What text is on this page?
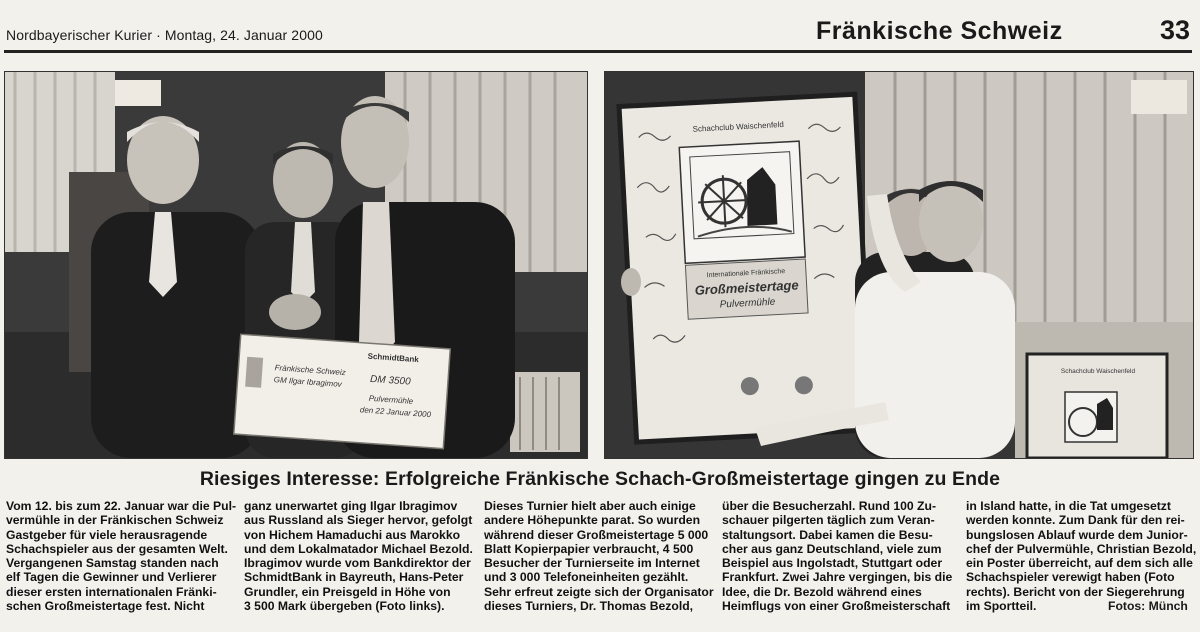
Nordbayerischer Kurier · Montag, 24. Januar 2000	Fränkische Schweiz	33
SchmidtBank
Fränkische Schweiz
GM Ilgar Ibragimov	DM 3500
Pulvermühle
den 22 Januar 2000
Schachclub Waischenfeld
Internationale Fränkische
Großmeistertage
Pulvermühle
Schachclub Waischenfeld
Riesiges Interesse: Erfolgreiche Fränkische Schach-Großmeistertage gingen zu Ende
Vom 12. bis zum 22. Januar war die Pul-
vermühle in der Fränkischen Schweiz
Gastgeber für viele herausragende
Schachspieler aus der gesamten Welt.
Vergangenen Samstag standen nach
elf Tagen die Gewinner und Verlierer
dieser ersten internationalen Fränki-
schen Großmeistertage fest. Nicht
ganz unerwartet ging Ilgar Ibragimov
aus Russland als Sieger hervor, gefolgt
von Hichem Hamaduchi aus Marokko
und dem Lokalmatador Michael Bezold.
Ibragimov wurde vom Bankdirektor der
SchmidtBank in Bayreuth, Hans-Peter
Grundler, ein Preisgeld in Höhe von
3 500 Mark übergeben (Foto links).
Dieses Turnier hielt aber auch einige
andere Höhepunkte parat. So wurden
während dieser Großmeistertage 5 000
Blatt Kopierpapier verbraucht, 4 500
Besucher der Turnierseite im Internet
und 3 000 Telefoneinheiten gezählt.
Sehr erfreut zeigte sich der Organisator
dieses Turniers, Dr. Thomas Bezold,
über die Besucherzahl. Rund 100 Zu-
schauer pilgerten täglich zum Veran-
staltungsort. Dabei kamen die Besu-
cher aus ganz Deutschland, viele zum
Beispiel aus Ingolstadt, Stuttgart oder
Frankfurt. Zwei Jahre vergingen, bis die
Idee, die Dr. Bezold während eines
Heimflugs von einer Großmeisterschaft
in Island hatte, in die Tat umgesetzt
werden konnte. Zum Dank für den rei-
bungslosen Ablauf wurde dem Junior-
chef der Pulvermühle, Christian Bezold,
ein Poster überreicht, auf dem sich alle
Schachspieler verewigt haben (Foto
rechts). Bericht von der Siegerehrung
im Sportteil.	Fotos: Münch
